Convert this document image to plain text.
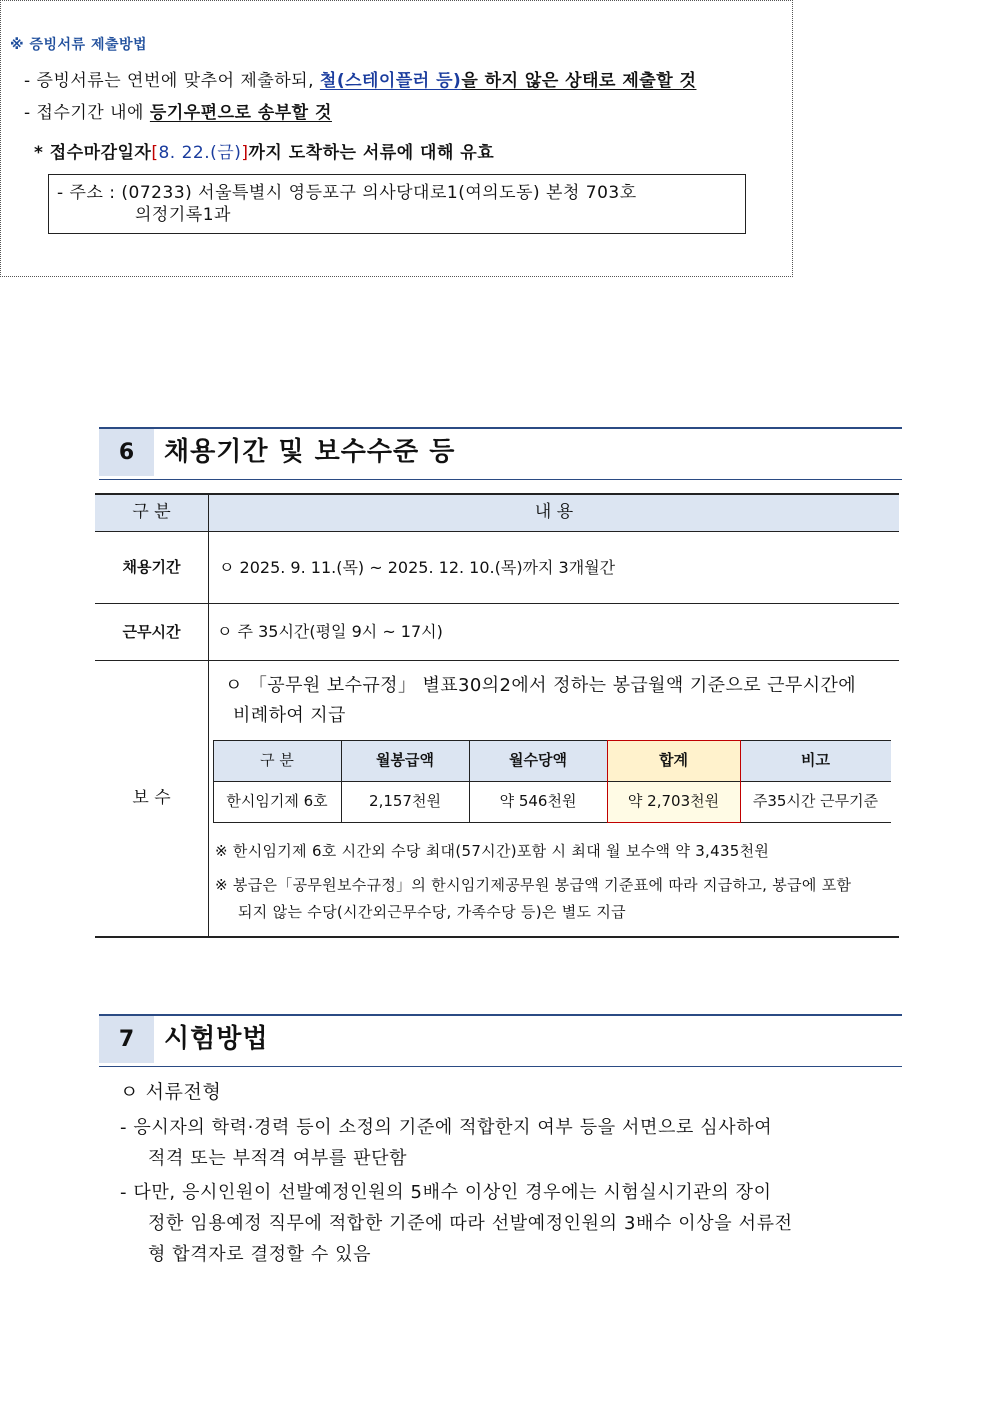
※ 증빙서류 제출방법
- 증빙서류는 연번에 맞추어 제출하되, 철(스테이플러 등)을 하지 않은 상태로 제출할 것
- 접수기간 내에 등기우편으로 송부할 것
* 접수마감일자[8. 22.(금)]까지 도착하는 서류에 대해 유효
- 주소 : (07233) 서울특별시 영등포구 의사당대로1(여의도동) 본청 703호
의정기록1과
6	채용기간 및 보수수준 등
구 분	내 용
채용기간	ㅇ 2025. 9. 11.(목) ~ 2025. 12. 10.(목)까지 3개월간
근무시간	ㅇ 주 35시간(평일 9시 ~ 17시)
보 수
ㅇ 「공무원 보수규정」 별표30의2에서 정하는 봉급월액 기준으로 근무시간에
비례하여 지급
구 분	월봉급액	월수당액	합계	비고
한시임기제 6호	2,157천원	약 546천원	약 2,703천원	주35시간 근무기준
※ 한시임기제 6호 시간외 수당 최대(57시간)포함 시 최대 월 보수액 약 3,435천원
※ 봉급은「공무원보수규정」의 한시임기제공무원 봉급액 기준표에 따라 지급하고, 봉급에 포함
되지 않는 수당(시간외근무수당, 가족수당 등)은 별도 지급
7	시험방법
ㅇ 서류전형
- 응시자의 학력·경력 등이 소정의 기준에 적합한지 여부 등을 서면으로 심사하여
적격 또는 부적격 여부를 판단함
- 다만, 응시인원이 선발예정인원의 5배수 이상인 경우에는 시험실시기관의 장이
정한 임용예정 직무에 적합한 기준에 따라 선발예정인원의 3배수 이상을 서류전
형 합격자로 결정할 수 있음
